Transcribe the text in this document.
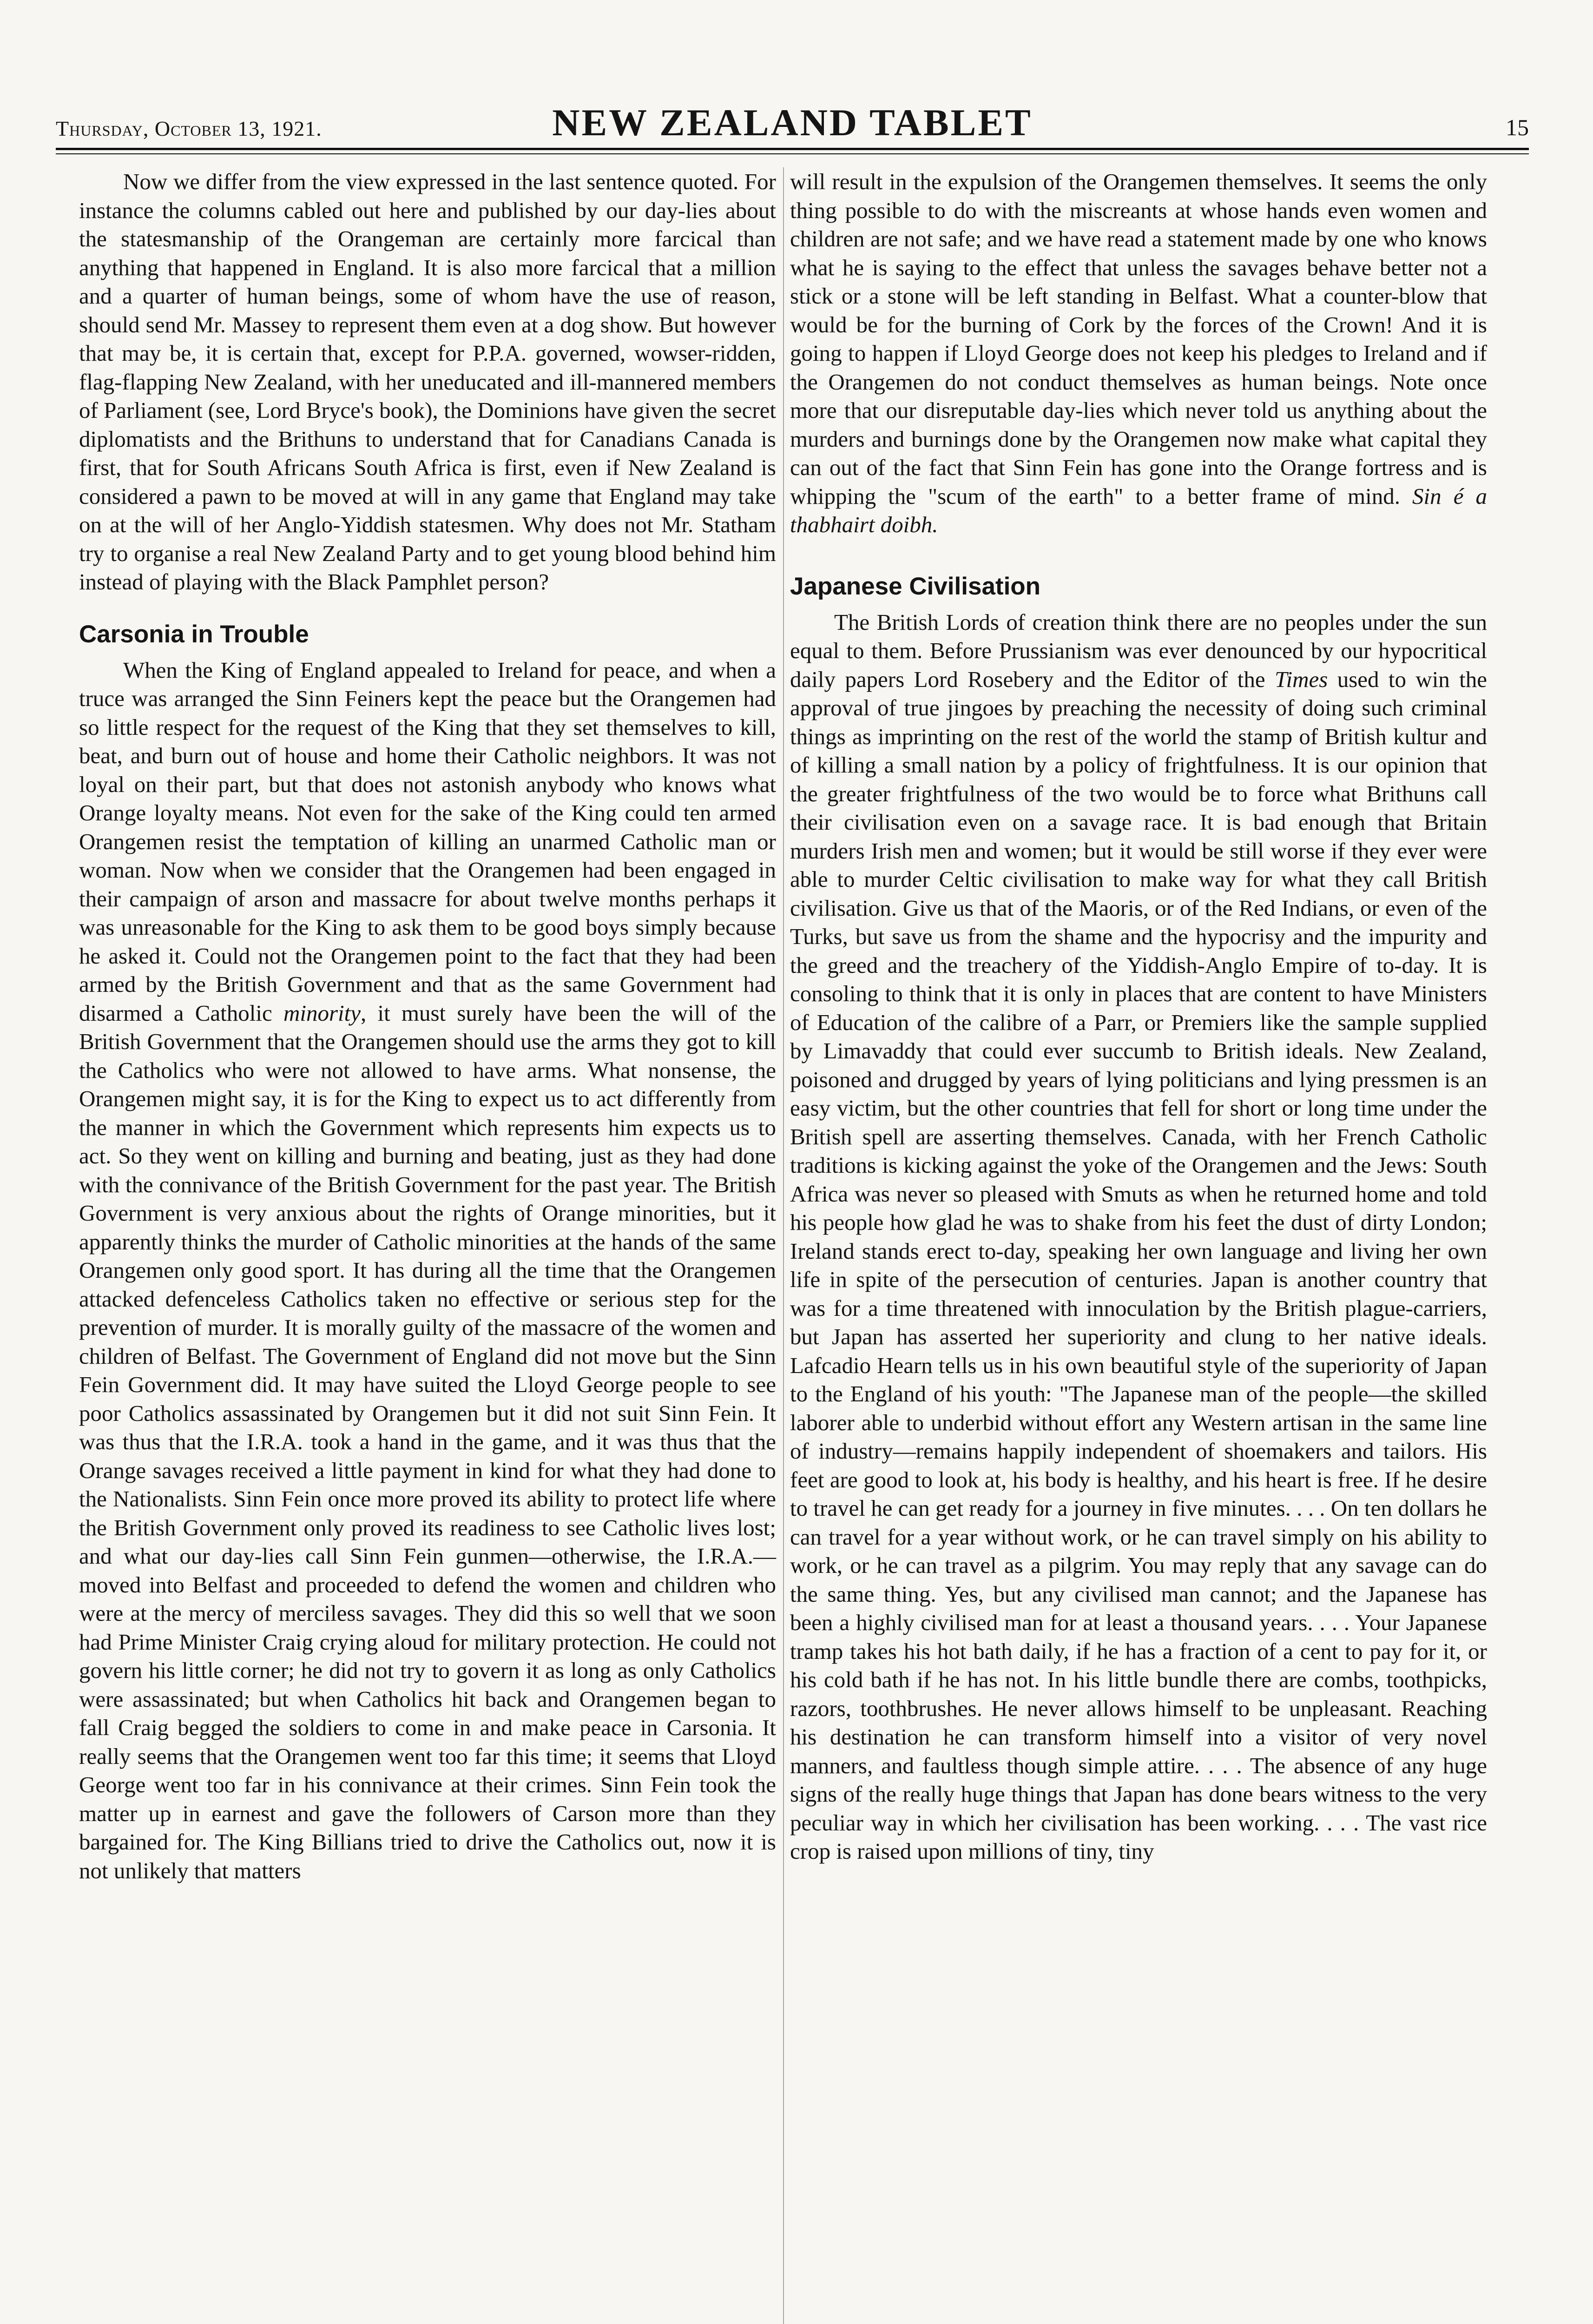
Thursday, October 13, 1921.	NEW ZEALAND TABLET	15

Now we differ from the view expressed in the last sentence quoted. For instance the columns cabled out here and published by our day-lies about the statesmanship of the Orangeman are certainly more farcical than anything that happened in England. It is also more farcical that a million and a quarter of human beings, some of whom have the use of reason, should send Mr. Massey to represent them even at a dog show. But however that may be, it is certain that, except for P.P.A. governed, wowser-ridden, flag-flapping New Zealand, with her uneducated and ill-mannered members of Parliament (see, Lord Bryce's book), the Dominions have given the secret diplomatists and the Brithuns to understand that for Canadians Canada is first, that for South Africans South Africa is first, even if New Zealand is considered a pawn to be moved at will in any game that England may take on at the will of her Anglo-Yiddish statesmen. Why does not Mr. Statham try to organise a real New Zealand Party and to get young blood behind him instead of playing with the Black Pamphlet person?

Carsonia in Trouble

When the King of England appealed to Ireland for peace, and when a truce was arranged the Sinn Feiners kept the peace but the Orangemen had so little respect for the request of the King that they set themselves to kill, beat, and burn out of house and home their Catholic neighbors. It was not loyal on their part, but that does not astonish anybody who knows what Orange loyalty means. Not even for the sake of the King could ten armed Orangemen resist the temptation of killing an unarmed Catholic man or woman. Now when we consider that the Orangemen had been engaged in their campaign of arson and massacre for about twelve months perhaps it was unreasonable for the King to ask them to be good boys simply because he asked it. Could not the Orangemen point to the fact that they had been armed by the British Government and that as the same Government had disarmed a Catholic minority, it must surely have been the will of the British Government that the Orangemen should use the arms they got to kill the Catholics who were not allowed to have arms. What nonsense, the Orangemen might say, it is for the King to expect us to act differently from the manner in which the Government which represents him expects us to act. So they went on killing and burning and beating, just as they had done with the connivance of the British Government for the past year. The British Government is very anxious about the rights of Orange minorities, but it apparently thinks the murder of Catholic minorities at the hands of the same Orangemen only good sport. It has during all the time that the Orangemen attacked defenceless Catholics taken no effective or serious step for the prevention of murder. It is morally guilty of the massacre of the women and children of Belfast. The Government of England did not move but the Sinn Fein Government did. It may have suited the Lloyd George people to see poor Catholics assassinated by Orangemen but it did not suit Sinn Fein. It was thus that the I.R.A. took a hand in the game, and it was thus that the Orange savages received a little payment in kind for what they had done to the Nationalists. Sinn Fein once more proved its ability to protect life where the British Government only proved its readiness to see Catholic lives lost; and what our day-lies call Sinn Fein gunmen—otherwise, the I.R.A.—moved into Belfast and proceeded to defend the women and children who were at the mercy of merciless savages. They did this so well that we soon had Prime Minister Craig crying aloud for military protection. He could not govern his little corner; he did not try to govern it as long as only Catholics were assassinated; but when Catholics hit back and Orangemen began to fall Craig begged the soldiers to come in and make peace in Carsonia. It really seems that the Orangemen went too far this time; it seems that Lloyd George went too far in his connivance at their crimes. Sinn Fein took the matter up in earnest and gave the followers of Carson more than they bargained for. The King Billians tried to drive the Catholics out, now it is not unlikely that matters

will result in the expulsion of the Orangemen themselves. It seems the only thing possible to do with the miscreants at whose hands even women and children are not safe; and we have read a statement made by one who knows what he is saying to the effect that unless the savages behave better not a stick or a stone will be left standing in Belfast. What a counter-blow that would be for the burning of Cork by the forces of the Crown! And it is going to happen if Lloyd George does not keep his pledges to Ireland and if the Orangemen do not conduct themselves as human beings. Note once more that our disreputable day-lies which never told us anything about the murders and burnings done by the Orangemen now make what capital they can out of the fact that Sinn Fein has gone into the Orange fortress and is whipping the "scum of the earth" to a better frame of mind. Sin é a thabhairt doibh.

Japanese Civilisation

The British Lords of creation think there are no peoples under the sun equal to them. Before Prussianism was ever denounced by our hypocritical daily papers Lord Rosebery and the Editor of the Times used to win the approval of true jingoes by preaching the necessity of doing such criminal things as imprinting on the rest of the world the stamp of British kultur and of killing a small nation by a policy of frightfulness. It is our opinion that the greater frightfulness of the two would be to force what Brithuns call their civilisation even on a savage race. It is bad enough that Britain murders Irish men and women; but it would be still worse if they ever were able to murder Celtic civilisation to make way for what they call British civilisation. Give us that of the Maoris, or of the Red Indians, or even of the Turks, but save us from the shame and the hypocrisy and the impurity and the greed and the treachery of the Yiddish-Anglo Empire of to-day. It is consoling to think that it is only in places that are content to have Ministers of Education of the calibre of a Parr, or Premiers like the sample supplied by Limavaddy that could ever succumb to British ideals. New Zealand, poisoned and drugged by years of lying politicians and lying pressmen is an easy victim, but the other countries that fell for short or long time under the British spell are asserting themselves. Canada, with her French Catholic traditions is kicking against the yoke of the Orangemen and the Jews: South Africa was never so pleased with Smuts as when he returned home and told his people how glad he was to shake from his feet the dust of dirty London; Ireland stands erect to-day, speaking her own language and living her own life in spite of the persecution of centuries. Japan is another country that was for a time threatened with innoculation by the British plague-carriers, but Japan has asserted her superiority and clung to her native ideals. Lafcadio Hearn tells us in his own beautiful style of the superiority of Japan to the England of his youth: "The Japanese man of the people—the skilled laborer able to underbid without effort any Western artisan in the same line of industry—remains happily independent of shoemakers and tailors. His feet are good to look at, his body is healthy, and his heart is free. If he desire to travel he can get ready for a journey in five minutes. . . . On ten dollars he can travel for a year without work, or he can travel simply on his ability to work, or he can travel as a pilgrim. You may reply that any savage can do the same thing. Yes, but any civilised man cannot; and the Japanese has been a highly civilised man for at least a thousand years. . . . Your Japanese tramp takes his hot bath daily, if he has a fraction of a cent to pay for it, or his cold bath if he has not. In his little bundle there are combs, toothpicks, razors, toothbrushes. He never allows himself to be unpleasant. Reaching his destination he can transform himself into a visitor of very novel manners, and faultless though simple attire. . . . The absence of any huge signs of the really huge things that Japan has done bears witness to the very peculiar way in which her civilisation has been working. . . . The vast rice crop is raised upon millions of tiny, tiny
